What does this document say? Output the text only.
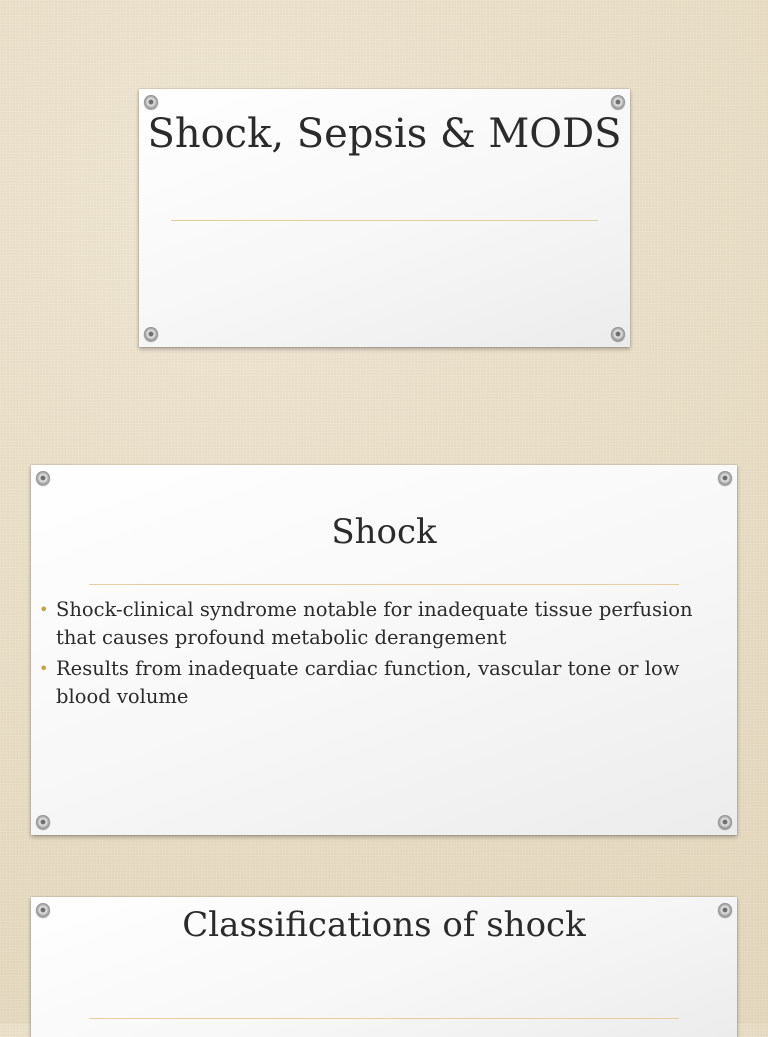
Shock, Sepsis & MODS
Shock
• Shock-clinical syndrome notable for inadequate tissue perfusion that causes profound metabolic derangement
• Results from inadequate cardiac function, vascular tone or low blood volume
Classifications of shock
